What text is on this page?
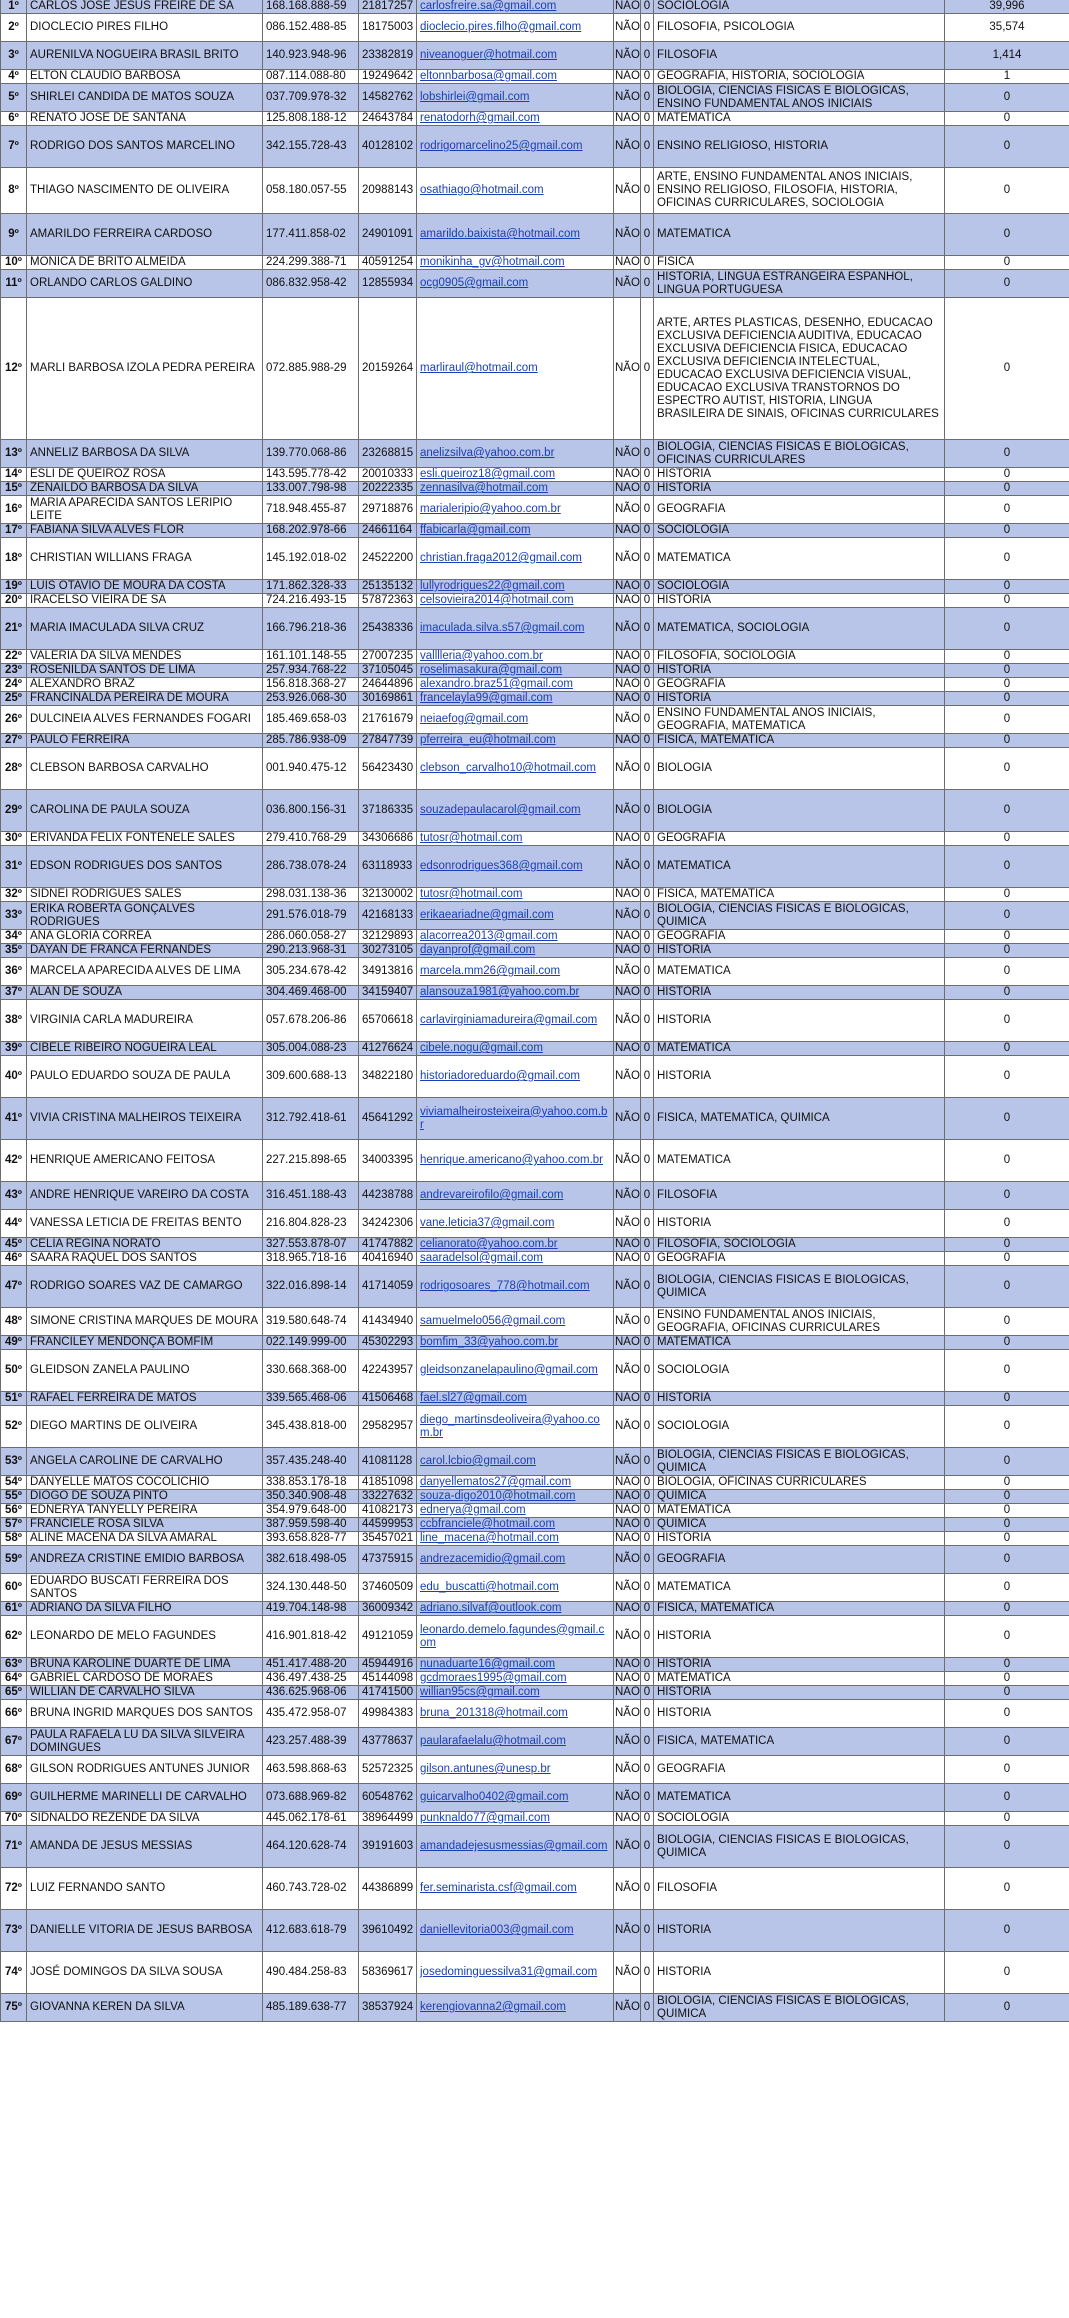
1º	CARLOS JOSE JESUS FREIRE DE SA	168.168.888-59	21817257	carlosfreire.sa@gmail.com	NÃO	0	SOCIOLOGIA	39,996
2º	DIOCLECIO PIRES FILHO	086.152.488-85	18175003	dioclecio.pires.filho@gmail.com	NÃO	0	FILOSOFIA, PSICOLOGIA	35,574
3º	AURENILVA NOGUEIRA BRASIL BRITO	140.923.948-96	23382819	niveanoguer@hotmail.com	NÃO	0	FILOSOFIA	1,414
4º	ELTON CLAUDIO BARBOSA	087.114.088-80	19249642	eltonnbarbosa@gmail.com	NÃO	0	GEOGRAFIA, HISTORIA, SOCIOLOGIA	1
5º	SHIRLEI CANDIDA DE MATOS SOUZA	037.709.978-32	14582762	lobshirlei@gmail.com	NÃO	0	BIOLOGIA, CIENCIAS FISICAS E BIOLOGICAS, ENSINO FUNDAMENTAL ANOS INICIAIS	0
6º	RENATO JOSE DE SANTANA	125.808.188-12	24643784	renatodorh@gmail.com	NÃO	0	MATEMATICA	0
7º	RODRIGO DOS SANTOS MARCELINO	342.155.728-43	40128102	rodrigomarcelino25@gmail.com	NÃO	0	ENSINO RELIGIOSO, HISTORIA	0
8º	THIAGO NASCIMENTO DE OLIVEIRA	058.180.057-55	20988143	osathiago@hotmail.com	NÃO	0	ARTE, ENSINO FUNDAMENTAL ANOS INICIAIS, ENSINO RELIGIOSO, FILOSOFIA, HISTORIA, OFICINAS CURRICULARES, SOCIOLOGIA	0
9º	AMARILDO FERREIRA CARDOSO	177.411.858-02	24901091	amarildo.baixista@hotmail.com	NÃO	0	MATEMATICA	0
10º	MONICA DE BRITO ALMEIDA	224.299.388-71	40591254	monikinha_gv@hotmail.com	NÃO	0	FISICA	0
11º	ORLANDO CARLOS GALDINO	086.832.958-42	12855934	ocg0905@gmail.com	NÃO	0	HISTORIA, LINGUA ESTRANGEIRA ESPANHOL, LINGUA PORTUGUESA	0
12º	MARLI BARBOSA IZOLA PEDRA PEREIRA	072.885.988-29	20159264	marliraul@hotmail.com	NÃO	0	ARTE, ARTES PLASTICAS, DESENHO, EDUCACAO EXCLUSIVA DEFICIENCIA AUDITIVA, EDUCACAO EXCLUSIVA DEFICIENCIA FISICA, EDUCACAO EXCLUSIVA DEFICIENCIA INTELECTUAL, EDUCACAO EXCLUSIVA DEFICIENCIA VISUAL, EDUCACAO EXCLUSIVA TRANSTORNOS DO ESPECTRO AUTIST, HISTORIA, LINGUA BRASILEIRA DE SINAIS, OFICINAS CURRICULARES	0
13º	ANNELIZ BARBOSA DA SILVA	139.770.068-86	23268815	anelizsilva@yahoo.com.br	NÃO	0	BIOLOGIA, CIENCIAS FISICAS E BIOLOGICAS, OFICINAS CURRICULARES	0
14º	ESLI DE QUEIROZ ROSA	143.595.778-42	20010333	esli.queiroz18@gmail.com	NÃO	0	HISTORIA	0
15º	ZENAILDO BARBOSA DA SILVA	133.007.798-98	20222335	zennasilva@hotmail.com	NÃO	0	HISTORIA	0
16º	MARIA APARECIDA SANTOS LERIPIO LEITE	718.948.455-87	29718876	marialeripio@yahoo.com.br	NÃO	0	GEOGRAFIA	0
17º	FABIANA SILVA ALVES FLOR	168.202.978-66	24661164	ffabicarla@gmail.com	NÃO	0	SOCIOLOGIA	0
18º	CHRISTIAN WILLIANS FRAGA	145.192.018-02	24522200	christian.fraga2012@gmail.com	NÃO	0	MATEMATICA	0
19º	LUIS OTAVIO DE MOURA DA COSTA	171.862.328-33	25135132	lullyrodrigues22@gmail.com	NÃO	0	SOCIOLOGIA	0
20º	IRACELSO VIEIRA DE SA	724.216.493-15	57872363	celsovieira2014@hotmail.com	NÃO	0	HISTORIA	0
21º	MARIA IMACULADA SILVA CRUZ	166.796.218-36	25438336	imaculada.silva.s57@gmail.com	NÃO	0	MATEMATICA, SOCIOLOGIA	0
22º	VALERIA DA SILVA MENDES	161.101.148-55	27007235	valllleria@yahoo.com.br	NÃO	0	FILOSOFIA, SOCIOLOGIA	0
23º	ROSENILDA SANTOS DE LIMA	257.934.768-22	37105045	roselimasakura@gmail.com	NÃO	0	HISTORIA	0
24º	ALEXANDRO BRAZ	156.818.368-27	24644896	alexandro.braz51@gmail.com	NÃO	0	GEOGRAFIA	0
25º	FRANCINALDA PEREIRA DE MOURA	253.926.068-30	30169861	francelayla99@gmail.com	NÃO	0	HISTORIA	0
26º	DULCINEIA ALVES FERNANDES FOGARI	185.469.658-03	21761679	neiaefog@gmail.com	NÃO	0	ENSINO FUNDAMENTAL ANOS INICIAIS, GEOGRAFIA, MATEMATICA	0
27º	PAULO FERREIRA	285.786.938-09	27847739	pferreira_eu@hotmail.com	NÃO	0	FISICA, MATEMATICA	0
28º	CLEBSON BARBOSA CARVALHO	001.940.475-12	56423430	clebson_carvalho10@hotmail.com	NÃO	0	BIOLOGIA	0
29º	CAROLINA DE PAULA SOUZA	036.800.156-31	37186335	souzadepaulacarol@gmail.com	NÃO	0	BIOLOGIA	0
30º	ERIVANDA FELIX FONTENELE SALES	279.410.768-29	34306686	tutosr@hotmail.com	NÃO	0	GEOGRAFIA	0
31º	EDSON RODRIGUES DOS SANTOS	286.738.078-24	63118933	edsonrodrigues368@gmail.com	NÃO	0	MATEMATICA	0
32º	SIDNEI RODRIGUES SALES	298.031.138-36	32130002	tutosr@hotmail.com	NÃO	0	FISICA, MATEMATICA	0
33º	ERIKA ROBERTA GONÇALVES RODRIGUES	291.576.018-79	42168133	erikaeariadne@gmail.com	NÃO	0	BIOLOGIA, CIENCIAS FISICAS E BIOLOGICAS, QUIMICA	0
34º	ANA GLORIA CORREA	286.060.058-27	32129893	alacorrea2013@gmail.com	NÃO	0	GEOGRAFIA	0
35º	DAYAN DE FRANCA FERNANDES	290.213.968-31	30273105	dayanprof@gmail.com	NÃO	0	HISTORIA	0
36º	MARCELA APARECIDA ALVES DE LIMA	305.234.678-42	34913816	marcela.mm26@gmail.com	NÃO	0	MATEMATICA	0
37º	ALAN DE SOUZA	304.469.468-00	34159407	alansouza1981@yahoo.com.br	NÃO	0	HISTORIA	0
38º	VIRGINIA CARLA MADUREIRA	057.678.206-86	65706618	carlavirginiamadureira@gmail.com	NÃO	0	HISTORIA	0
39º	CIBELE RIBEIRO NOGUEIRA LEAL	305.004.088-23	41276624	cibele.nogu@gmail.com	NÃO	0	MATEMATICA	0
40º	PAULO EDUARDO SOUZA DE PAULA	309.600.688-13	34822180	historiadoreduardo@gmail.com	NÃO	0	HISTORIA	0
41º	VIVIA CRISTINA MALHEIROS TEIXEIRA	312.792.418-61	45641292	viviamalheirosteixeira@yahoo.com.br	NÃO	0	FISICA, MATEMATICA, QUIMICA	0
42º	HENRIQUE AMERICANO FEITOSA	227.215.898-65	34003395	henrique.americano@yahoo.com.br	NÃO	0	MATEMATICA	0
43º	ANDRE HENRIQUE VAREIRO DA COSTA	316.451.188-43	44238788	andrevareirofilo@gmail.com	NÃO	0	FILOSOFIA	0
44º	VANESSA LETICIA DE FREITAS BENTO	216.804.828-23	34242306	vane.leticia37@gmail.com	NÃO	0	HISTORIA	0
45º	CELIA REGINA NORATO	327.553.878-07	41747882	celianorato@yahoo.com.br	NÃO	0	FILOSOFIA, SOCIOLOGIA	0
46º	SAARA RAQUEL DOS SANTOS	318.965.718-16	40416940	saaradelsol@gmail.com	NÃO	0	GEOGRAFIA	0
47º	RODRIGO SOARES VAZ DE CAMARGO	322.016.898-14	41714059	rodrigosoares_778@hotmail.com	NÃO	0	BIOLOGIA, CIENCIAS FISICAS E BIOLOGICAS, QUIMICA	0
48º	SIMONE CRISTINA MARQUES DE MOURA	319.580.648-74	41434940	samuelmelo056@gmail.com	NÃO	0	ENSINO FUNDAMENTAL ANOS INICIAIS, GEOGRAFIA, OFICINAS CURRICULARES	0
49º	FRANCILEY MENDONÇA BOMFIM	022.149.999-00	45302293	bomfim_33@yahoo.com.br	NÃO	0	MATEMATICA	0
50º	GLEIDSON ZANELA PAULINO	330.668.368-00	42243957	gleidsonzanelapaulino@gmail.com	NÃO	0	SOCIOLOGIA	0
51º	RAFAEL FERREIRA DE MATOS	339.565.468-06	41506468	fael.sl27@gmail.com	NÃO	0	HISTORIA	0
52º	DIEGO MARTINS DE OLIVEIRA	345.438.818-00	29582957	diego_martinsdeoliveira@yahoo.com.br	NÃO	0	SOCIOLOGIA	0
53º	ANGELA CAROLINE DE CARVALHO	357.435.248-40	41081128	carol.lcbio@gmail.com	NÃO	0	BIOLOGIA, CIENCIAS FISICAS E BIOLOGICAS, QUIMICA	0
54º	DANYELLE MATOS COCOLICHIO	338.853.178-18	41851098	danyellematos27@gmail.com	NÃO	0	BIOLOGIA, OFICINAS CURRICULARES	0
55º	DIOGO DE SOUZA PINTO	350.340.908-48	33227632	souza-digo2010@hotmail.com	NÃO	0	QUIMICA	0
56º	EDNERYA TANYELLY PEREIRA	354.979.648-00	41082173	ednerya@gmail.com	NÃO	0	MATEMATICA	0
57º	FRANCIELE ROSA SILVA	387.959.598-40	44599953	ccbfranciele@hotmail.com	NÃO	0	QUIMICA	0
58º	ALINE MACENA DA SILVA AMARAL	393.658.828-77	35457021	line_macena@hotmail.com	NÃO	0	HISTORIA	0
59º	ANDREZA CRISTINE EMIDIO BARBOSA	382.618.498-05	47375915	andrezacemidio@gmail.com	NÃO	0	GEOGRAFIA	0
60º	EDUARDO BUSCATI FERREIRA DOS SANTOS	324.130.448-50	37460509	edu_buscatti@hotmail.com	NÃO	0	MATEMATICA	0
61º	ADRIANO DA SILVA FILHO	419.704.148-98	36009342	adriano.silvaf@outlook.com	NÃO	0	FISICA, MATEMATICA	0
62º	LEONARDO DE MELO FAGUNDES	416.901.818-42	49121059	leonardo.demelo.fagundes@gmail.com	NÃO	0	HISTORIA	0
63º	BRUNA KAROLINE DUARTE DE LIMA	451.417.488-20	45944916	nunaduarte16@gmail.com	NÃO	0	HISTORIA	0
64º	GABRIEL CARDOSO DE MORAES	436.497.438-25	45144098	gcdmoraes1995@gmail.com	NÃO	0	MATEMATICA	0
65º	WILLIAN DE CARVALHO SILVA	436.625.968-06	41741500	willian95cs@gmail.com	NÃO	0	HISTORIA	0
66º	BRUNA INGRID MARQUES DOS SANTOS	435.472.958-07	49984383	bruna_201318@hotmail.com	NÃO	0	HISTORIA	0
67º	PAULA RAFAELA LU DA SILVA SILVEIRA DOMINGUES	423.257.488-39	43778637	paularafaelalu@hotmail.com	NÃO	0	FISICA, MATEMATICA	0
68º	GILSON RODRIGUES ANTUNES JUNIOR	463.598.868-63	52572325	gilson.antunes@unesp.br	NÃO	0	GEOGRAFIA	0
69º	GUILHERME MARINELLI DE CARVALHO	073.688.969-82	60548762	guicarvalho0402@gmail.com	NÃO	0	MATEMATICA	0
70º	SIDNALDO REZENDE DA SILVA	445.062.178-61	38964499	punknaldo77@gmail.com	NÃO	0	SOCIOLOGIA	0
71º	AMANDA DE JESUS MESSIAS	464.120.628-74	39191603	amandadejesusmessias@gmail.com	NÃO	0	BIOLOGIA, CIENCIAS FISICAS E BIOLOGICAS, QUIMICA	0
72º	LUIZ FERNANDO SANTO	460.743.728-02	44386899	fer.seminarista.csf@gmail.com	NÃO	0	FILOSOFIA	0
73º	DANIELLE VITORIA DE JESUS BARBOSA	412.683.618-79	39610492	daniellevitoria003@gmail.com	NÃO	0	HISTORIA	0
74º	JOSÉ DOMINGOS DA SILVA SOUSA	490.484.258-83	58369617	josedominguessilva31@gmail.com	NÃO	0	HISTORIA	0
75º	GIOVANNA KEREN DA SILVA	485.189.638-77	38537924	kerengiovanna2@gmail.com	NÃO	0	BIOLOGIA, CIENCIAS FISICAS E BIOLOGICAS, QUIMICA	0
